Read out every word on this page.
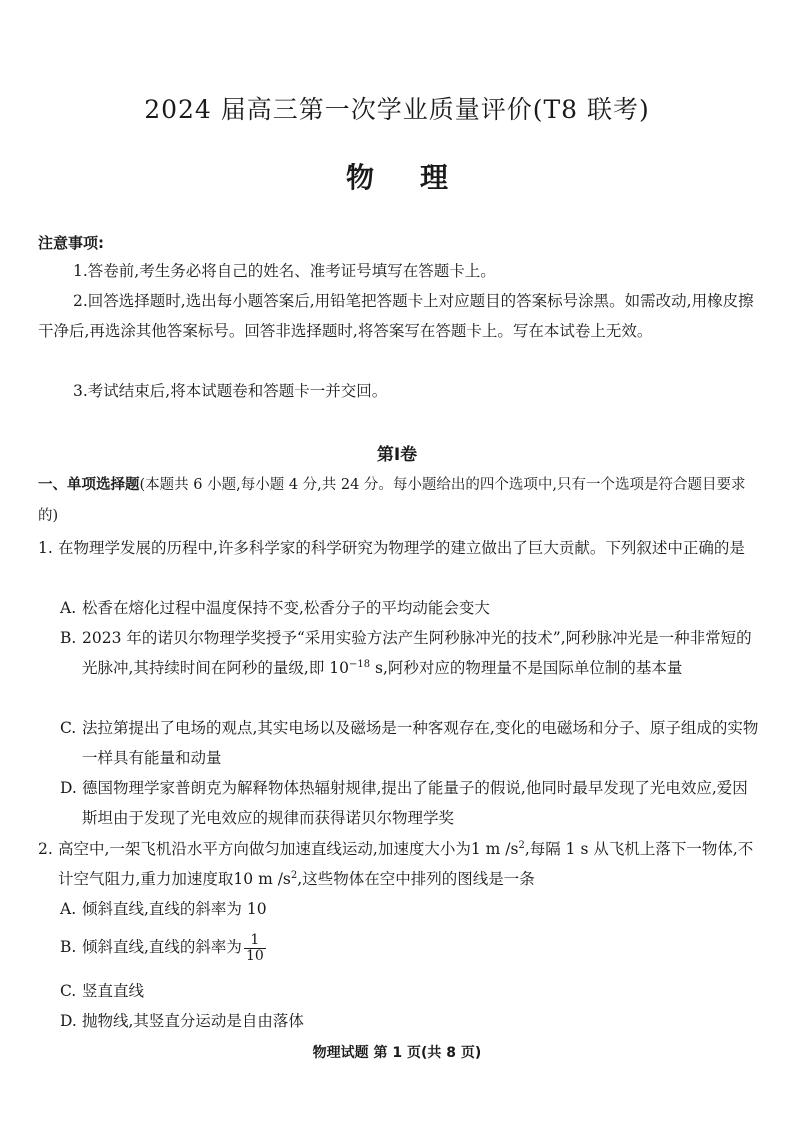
2024 届高三第一次学业质量评价(T8 联考)
物理
注意事项:
1.答卷前,考生务必将自己的姓名、准考证号填写在答题卡上。
2.回答选择题时,选出每小题答案后,用铅笔把答题卡上对应题目的答案标号涂黑。如需改动,用橡皮擦干净后,再选涂其他答案标号。回答非选择题时,将答案写在答题卡上。写在本试卷上无效。
3.考试结束后,将本试题卷和答题卡一并交回。
第Ⅰ卷
一、单项选择题(本题共 6 小题,每小题 4 分,共 24 分。每小题给出的四个选项中,只有一个选项是符合题目要求的)
1. 在物理学发展的历程中,许多科学家的科学研究为物理学的建立做出了巨大贡献。下列叙述中正确的是
A. 松香在熔化过程中温度保持不变,松香分子的平均动能会变大
B. 2023 年的诺贝尔物理学奖授予“采用实验方法产生阿秒脉冲光的技术”,阿秒脉冲光是一种非常短的光脉冲,其持续时间在阿秒的量级,即 $10^{-18}$ s,阿秒对应的物理量不是国际单位制的基本量
C. 法拉第提出了电场的观点,其实电场以及磁场是一种客观存在,变化的电磁场和分子、原子组成的实物一样具有能量和动量
D. 德国物理学家普朗克为解释物体热辐射规律,提出了能量子的假说,他同时最早发现了光电效应,爱因斯坦由于发现了光电效应的规律而获得诺贝尔物理学奖
2. 高空中,一架飞机沿水平方向做匀加速直线运动,加速度大小为1 m $/s^2$,每隔 1 s 从飞机上落下一物体,不计空气阻力,重力加速度取10 m $/s^2$,这些物体在空中排列的图线是一条
A. 倾斜直线,直线的斜率为 10
B. 倾斜直线,直线的斜率为 $\frac{1}{10}$
C. 竖直直线
D. 抛物线,其竖直分运动是自由落体
物理试题 第 1 页(共 8 页)
